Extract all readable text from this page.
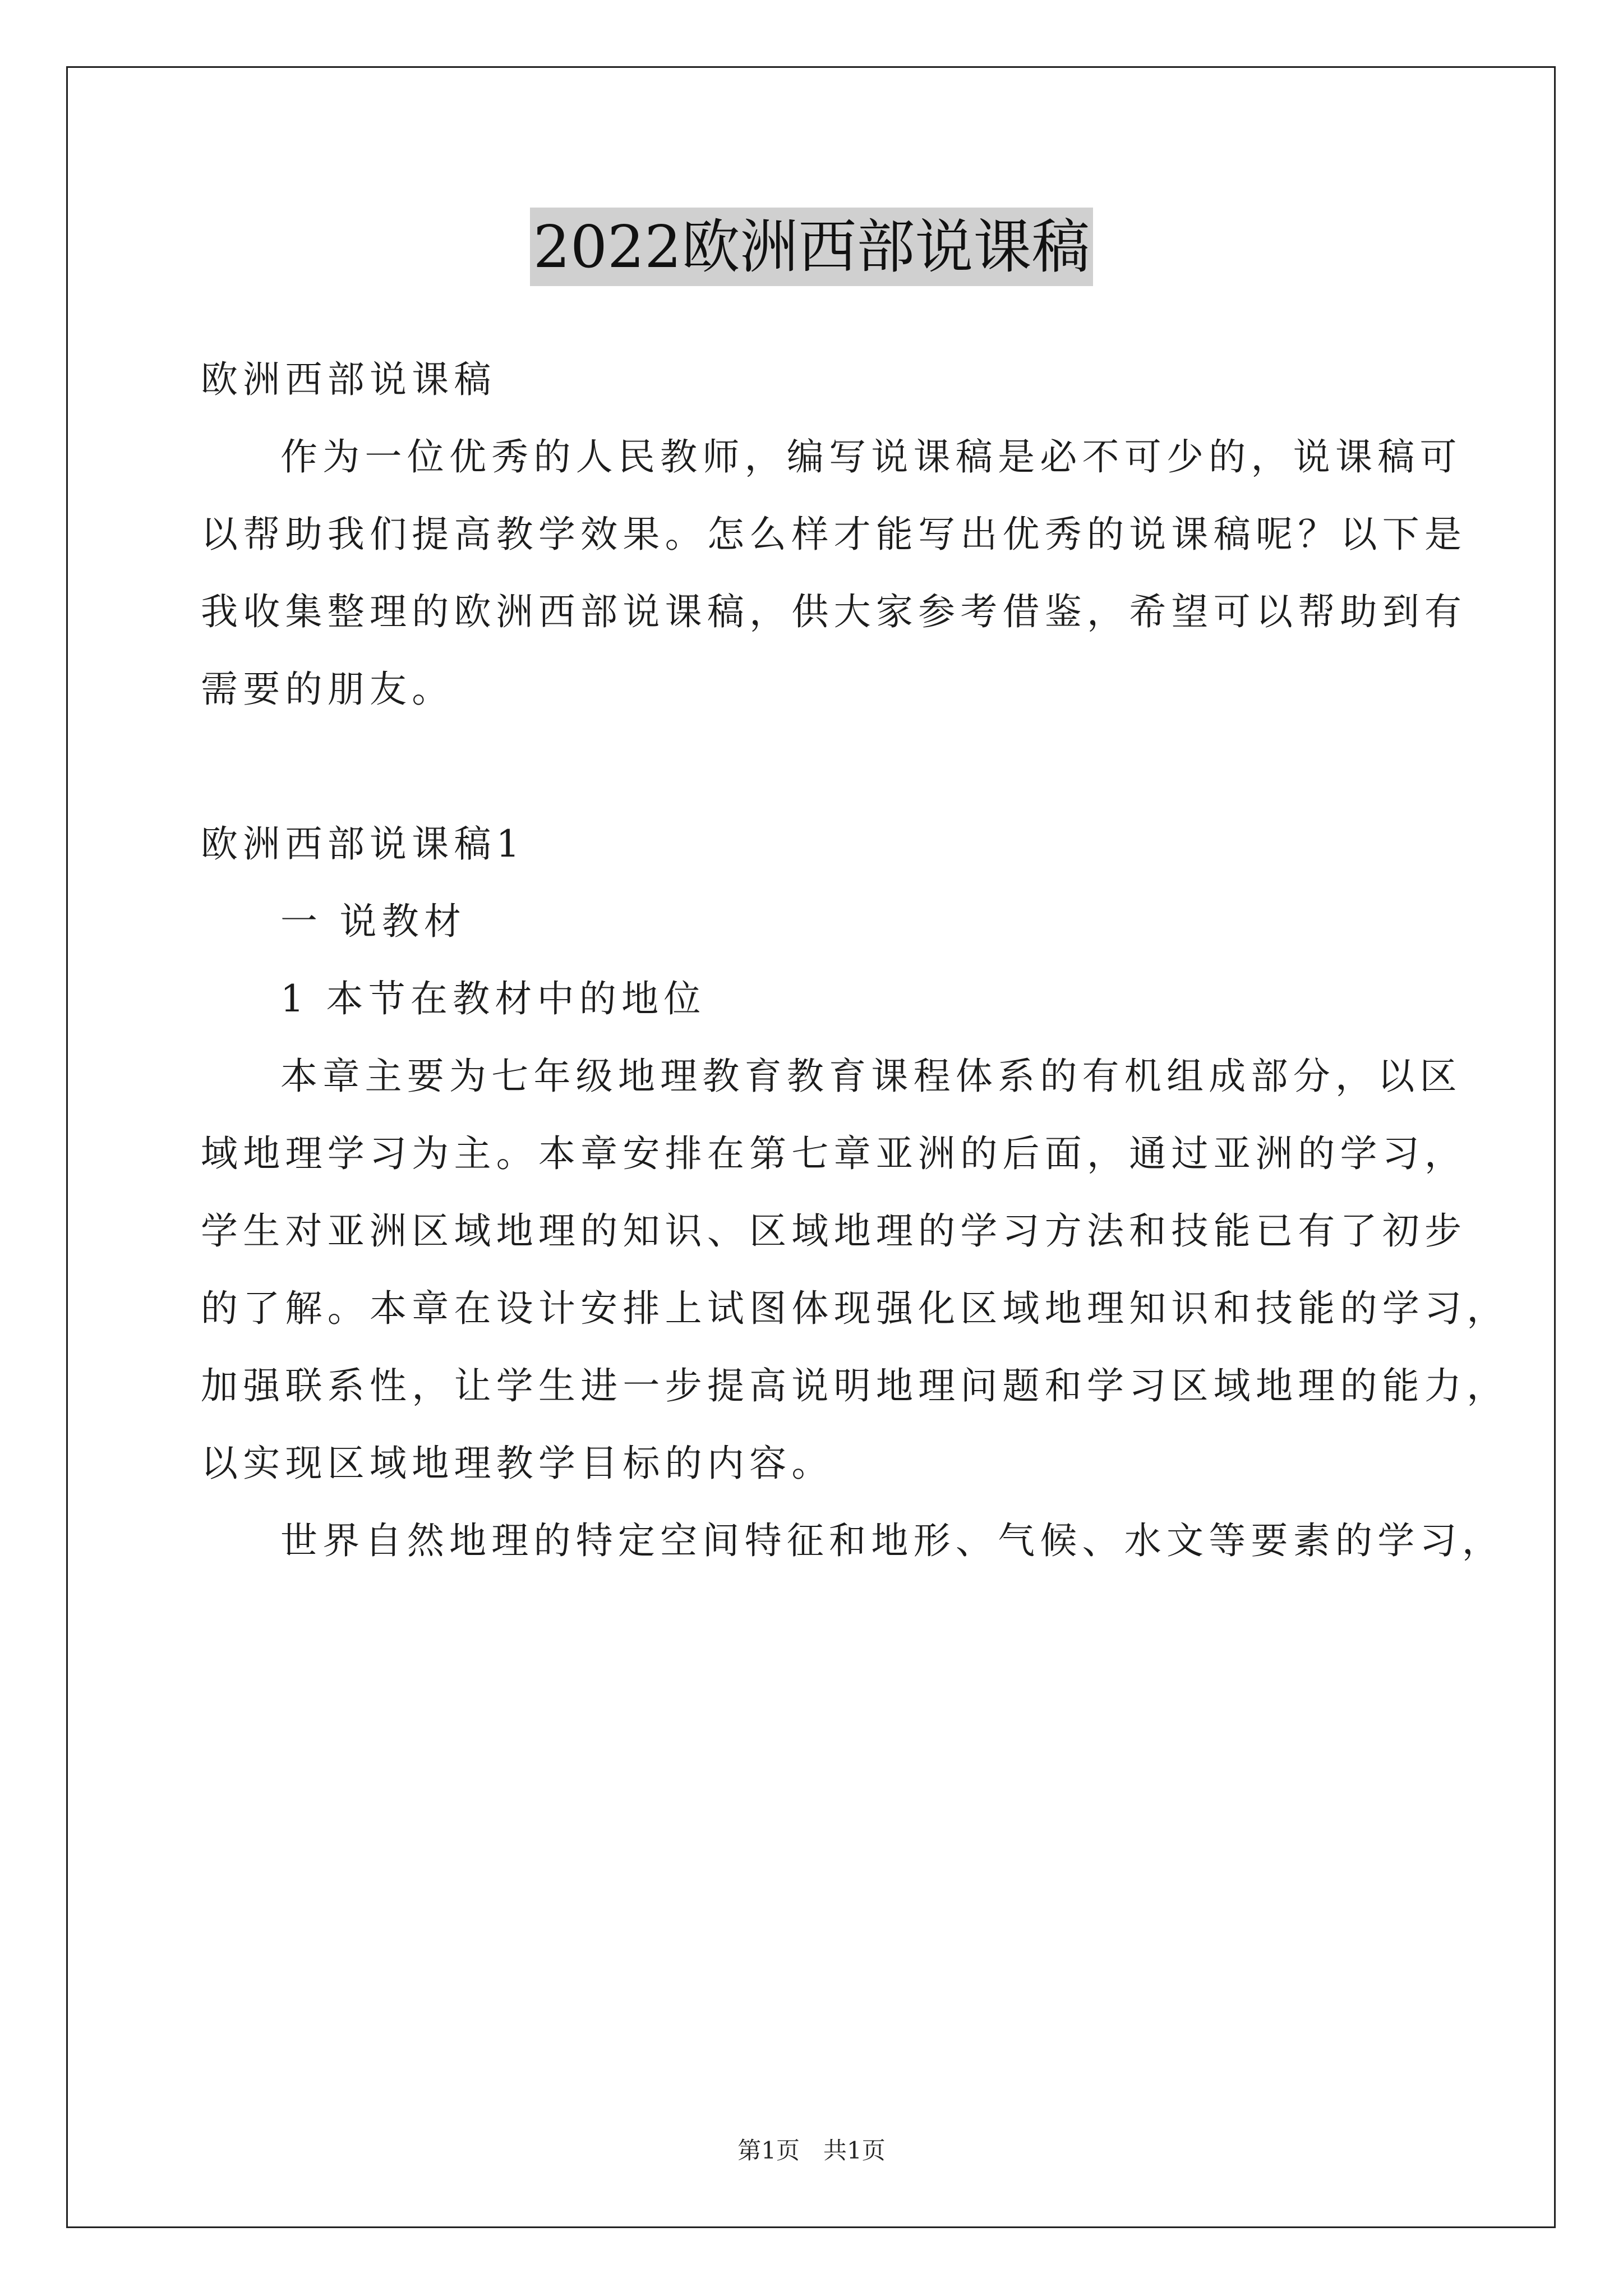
2022欧洲西部说课稿
欧洲西部说课稿
作为一位优秀的人民教师，编写说课稿是必不可少的，说课稿可
以帮助我们提高教学效果。怎么样才能写出优秀的说课稿呢？以下是
我收集整理的欧洲西部说课稿，供大家参考借鉴，希望可以帮助到有
需要的朋友。
欧洲西部说课稿1
一 说教材
1 本节在教材中的地位
本章主要为七年级地理教育教育课程体系的有机组成部分，以区
域地理学习为主。本章安排在第七章亚洲的后面，通过亚洲的学习，
学生对亚洲区域地理的知识、区域地理的学习方法和技能已有了初步
的了解。本章在设计安排上试图体现强化区域地理知识和技能的学习，
加强联系性，让学生进一步提高说明地理问题和学习区域地理的能力，
以实现区域地理教学目标的内容。
世界自然地理的特定空间特征和地形、气候、水文等要素的学习，
第1页　共1页
